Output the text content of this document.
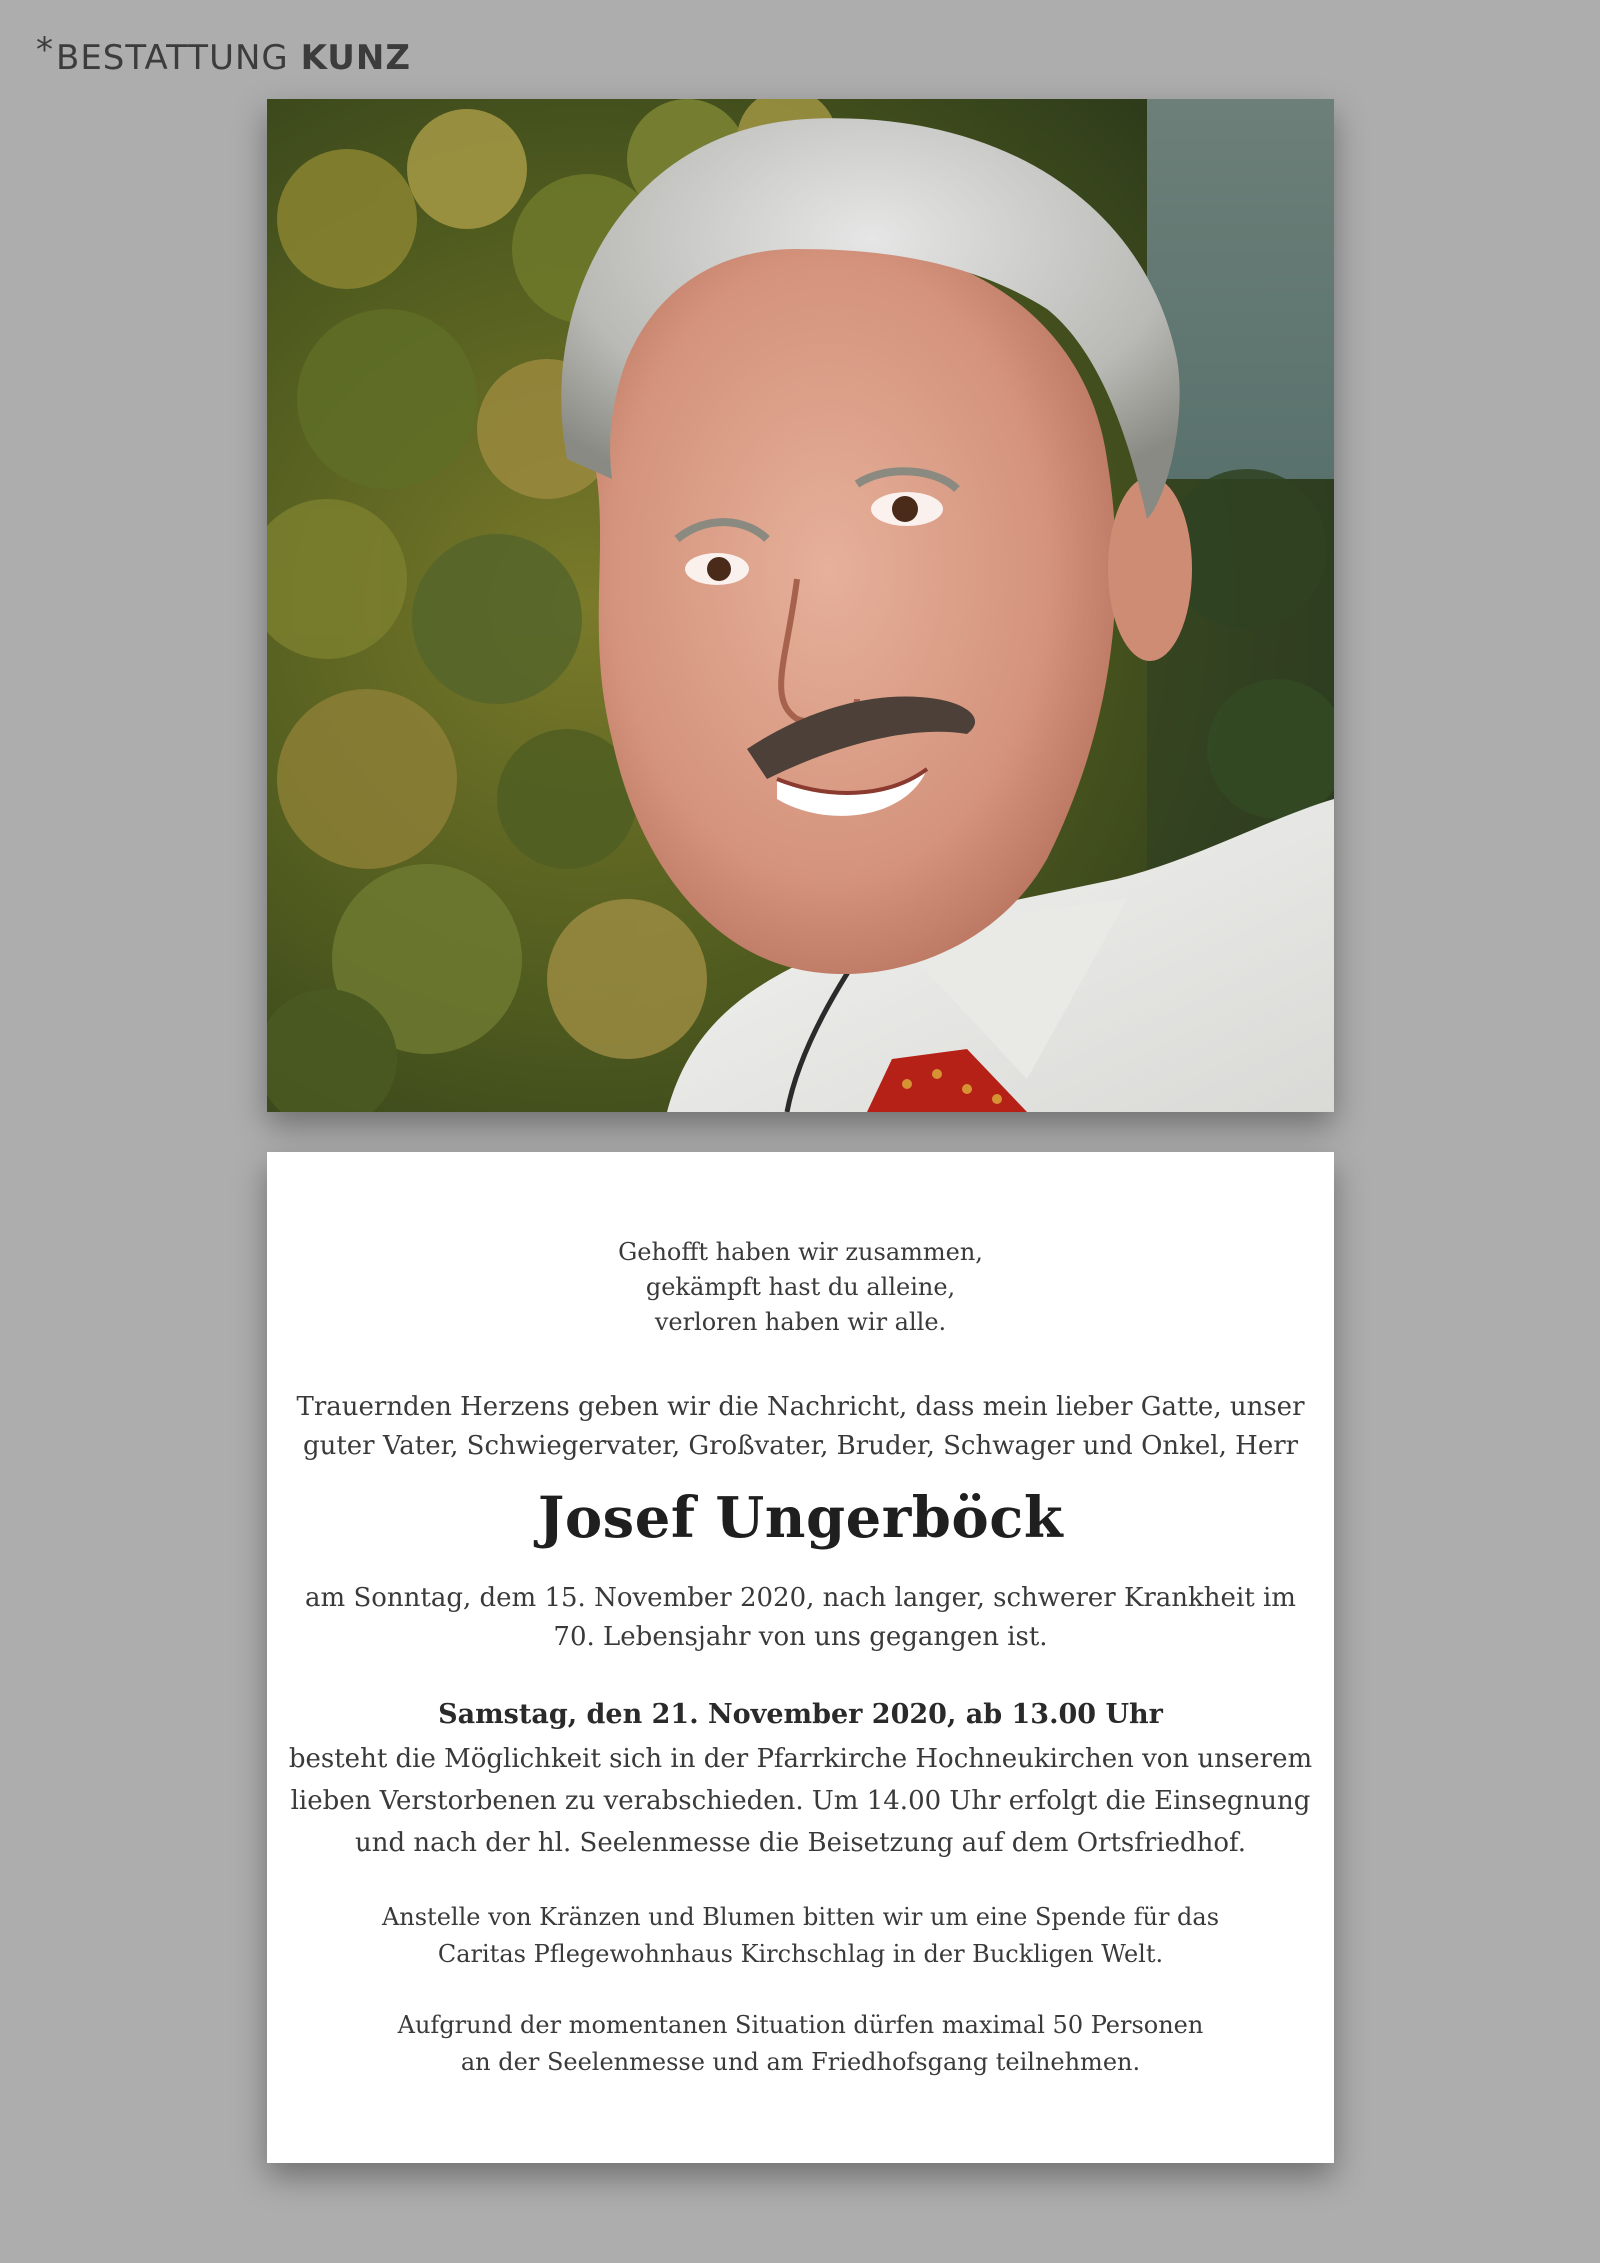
*BESTATTUNG KUNZ
Gehofft haben wir zusammen,
gekämpft hast du alleine,
verloren haben wir alle.
Trauernden Herzens geben wir die Nachricht, dass mein lieber Gatte, unser
guter Vater, Schwiegervater, Großvater, Bruder, Schwager und Onkel, Herr
Josef Ungerböck
am Sonntag, dem 15. November 2020, nach langer, schwerer Krankheit im
70. Lebensjahr von uns gegangen ist.
Samstag, den 21. November 2020, ab 13.00 Uhr
besteht die Möglichkeit sich in der Pfarrkirche Hochneukirchen von unserem
lieben Verstorbenen zu verabschieden. Um 14.00 Uhr erfolgt die Einsegnung
und nach der hl. Seelenmesse die Beisetzung auf dem Ortsfriedhof.
Anstelle von Kränzen und Blumen bitten wir um eine Spende für das
Caritas Pflegewohnhaus Kirchschlag in der Buckligen Welt.
Aufgrund der momentanen Situation dürfen maximal 50 Personen
an der Seelenmesse und am Friedhofsgang teilnehmen.
